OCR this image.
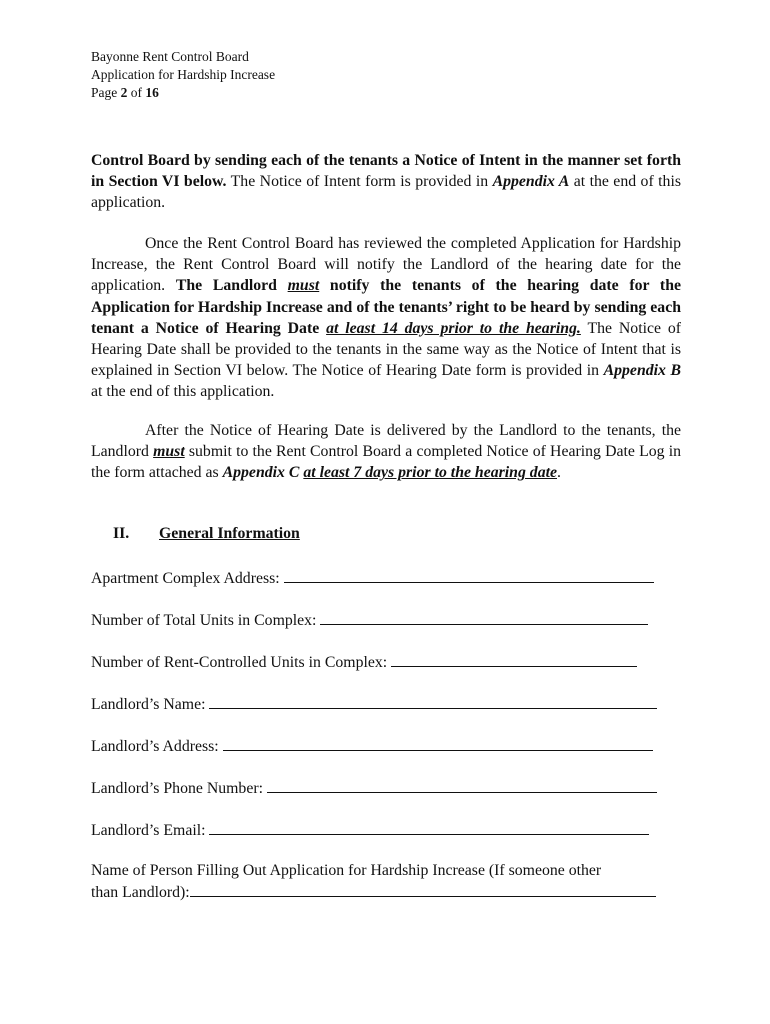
Bayonne Rent Control Board
Application for Hardship Increase
Page 2 of 16
Control Board by sending each of the tenants a Notice of Intent in the manner set forth in Section VI below. The Notice of Intent form is provided in Appendix A at the end of this application.
Once the Rent Control Board has reviewed the completed Application for Hardship Increase, the Rent Control Board will notify the Landlord of the hearing date for the application. The Landlord must notify the tenants of the hearing date for the Application for Hardship Increase and of the tenants’ right to be heard by sending each tenant a Notice of Hearing Date at least 14 days prior to the hearing. The Notice of Hearing Date shall be provided to the tenants in the same way as the Notice of Intent that is explained in Section VI below. The Notice of Hearing Date form is provided in Appendix B at the end of this application.
After the Notice of Hearing Date is delivered by the Landlord to the tenants, the Landlord must submit to the Rent Control Board a completed Notice of Hearing Date Log in the form attached as Appendix C at least 7 days prior to the hearing date.
II. General Information
Apartment Complex Address:
Number of Total Units in Complex:
Number of Rent-Controlled Units in Complex:
Landlord’s Name:
Landlord’s Address:
Landlord’s Phone Number:
Landlord’s Email:
Name of Person Filling Out Application for Hardship Increase (If someone other
than Landlord):
